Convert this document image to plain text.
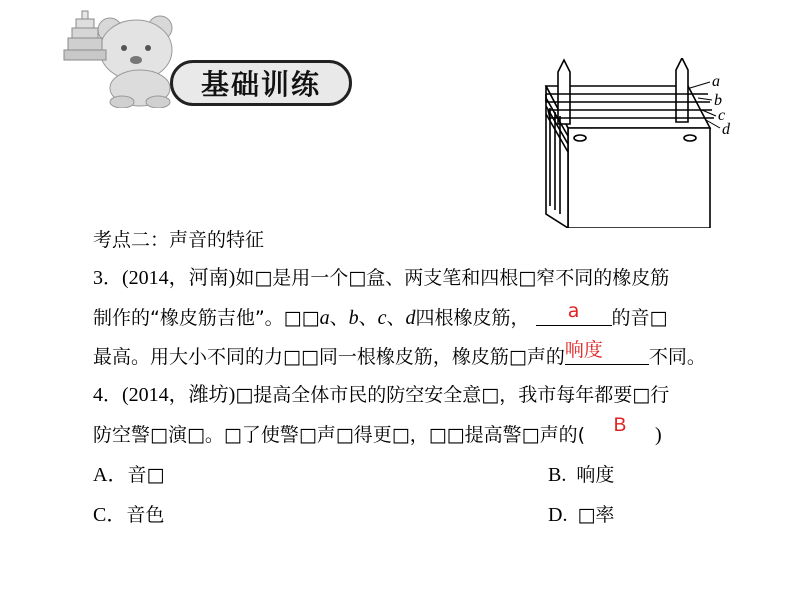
基础训练	a
b
c
d
考点二：声音的特征
3．(2014，河南)如□是用一个□盒、两支笔和四根□窄不同的橡皮筋
制作的“橡皮筋吉他”。□□a、b、c、d四根橡皮筋，	a	的音□
最高。用大小不同的力□□同一根橡皮筋，橡皮筋□声的 响度	不同。
4．(2014，潍坊)□提高全体市民的防空安全意□，我市每年都要□行
防空警□演□。□了使警□声□得更□，□□提高警□声的(	B	)
A．音□	B. 响度
C．音色	D. □率
